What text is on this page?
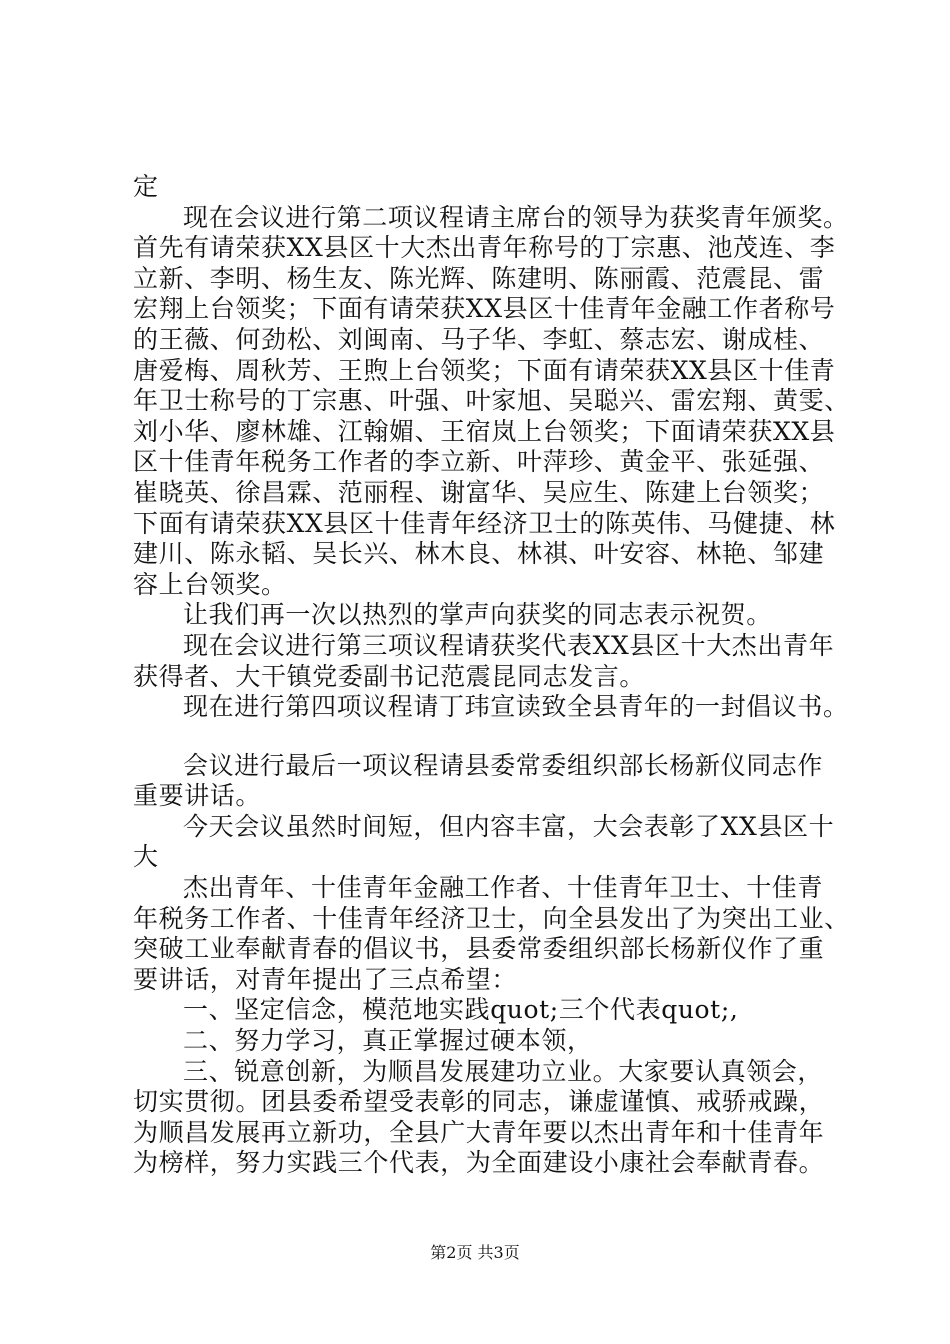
定
现在会议进行第二项议程请主席台的领导为获奖青年颁奖。
首先有请荣获XX县区十大杰出青年称号的丁宗惠、池茂连、李
立新、李明、杨生友、陈光辉、陈建明、陈丽霞、范震昆、雷
宏翔上台领奖；下面有请荣获XX县区十佳青年金融工作者称号
的王薇、何劲松、刘闽南、马子华、李虹、蔡志宏、谢成桂、
唐爱梅、周秋芳、王煦上台领奖；下面有请荣获XX县区十佳青
年卫士称号的丁宗惠、叶强、叶家旭、吴聪兴、雷宏翔、黄雯、
刘小华、廖林雄、江翰媚、王宿岚上台领奖；下面请荣获XX县
区十佳青年税务工作者的李立新、叶萍珍、黄金平、张延强、
崔晓英、徐昌霖、范丽程、谢富华、吴应生、陈建上台领奖；
下面有请荣获XX县区十佳青年经济卫士的陈英伟、马健捷、林
建川、陈永韬、吴长兴、林木良、林祺、叶安容、林艳、邹建
容上台领奖。
让我们再一次以热烈的掌声向获奖的同志表示祝贺。
现在会议进行第三项议程请获奖代表XX县区十大杰出青年
获得者、大干镇党委副书记范震昆同志发言。
现在进行第四项议程请丁玮宣读致全县青年的一封倡议书。
会议进行最后一项议程请县委常委组织部长杨新仪同志作
重要讲话。
今天会议虽然时间短，但内容丰富，大会表彰了XX县区十
大
杰出青年、十佳青年金融工作者、十佳青年卫士、十佳青
年税务工作者、十佳青年经济卫士，向全县发出了为突出工业、
突破工业奉献青春的倡议书，县委常委组织部长杨新仪作了重
要讲话，对青年提出了三点希望：
一、坚定信念，模范地实践quot;三个代表quot;,
二、努力学习，真正掌握过硬本领，
三、锐意创新，为顺昌发展建功立业。大家要认真领会，
切实贯彻。团县委希望受表彰的同志，谦虚谨慎、戒骄戒躁，
为顺昌发展再立新功，全县广大青年要以杰出青年和十佳青年
为榜样，努力实践三个代表，为全面建设小康社会奉献青春。
第2页 共3页
